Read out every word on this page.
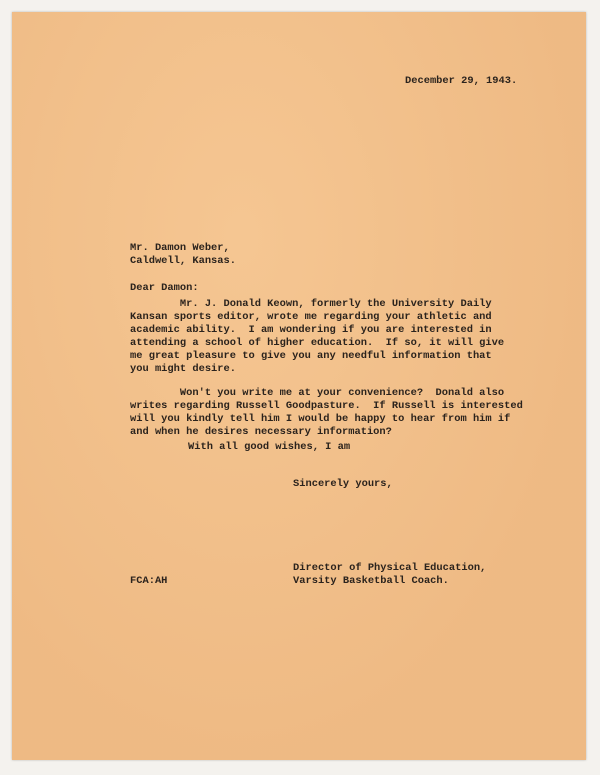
December 29, 1943.
Mr. Damon Weber,
Caldwell, Kansas.
Dear Damon:
Mr. J. Donald Keown, formerly the University Daily
Kansan sports editor, wrote me regarding your athletic and
academic ability.  I am wondering if you are interested in
attending a school of higher education.  If so, it will give
me great pleasure to give you any needful information that
you might desire.
Won't you write me at your convenience?  Donald also
writes regarding Russell Goodpasture.  If Russell is interested
will you kindly tell him I would be happy to hear from him if
and when he desires necessary information?
With all good wishes, I am
Sincerely yours,
Director of Physical Education,
Varsity Basketball Coach.
FCA:AH
